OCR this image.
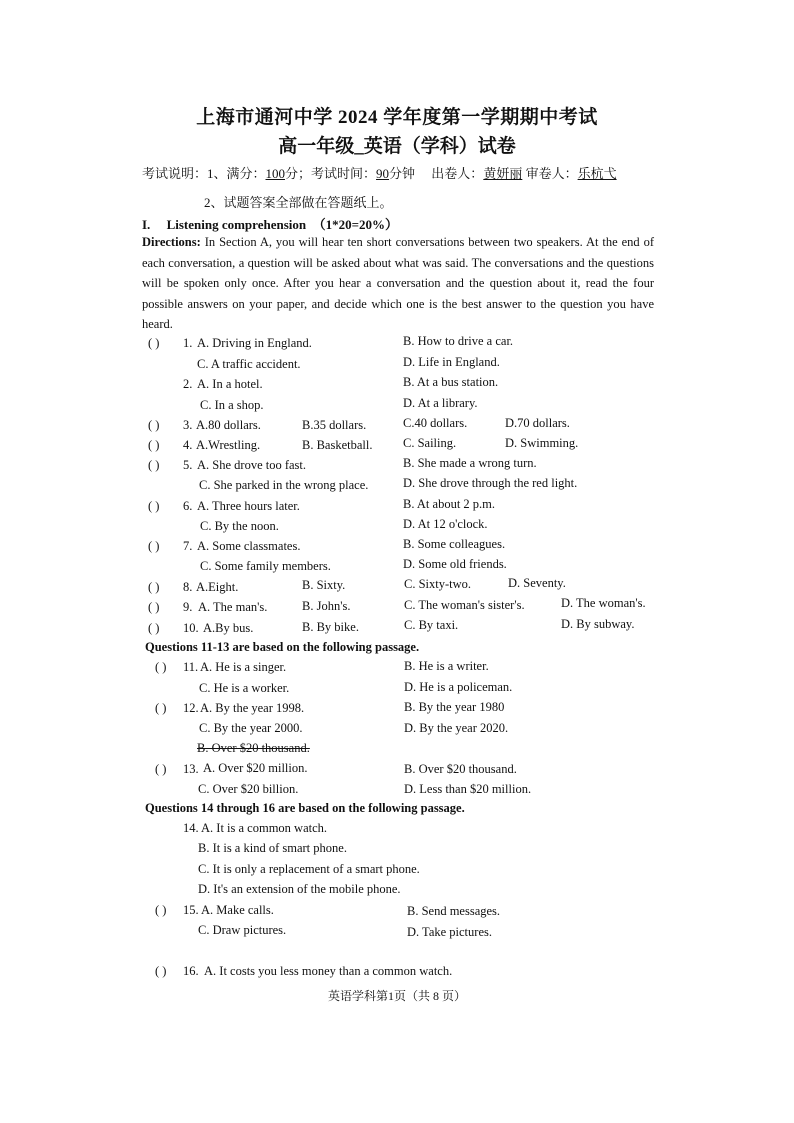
上海市通河中学 2024 学年度第一学期期中考试
高一年级_英语（学科）试卷
考试说明：1、满分：100分；考试时间：90分钟 出卷人：黄妍丽 审卷人：乐杭弋
2、试题答案全部做在答题纸上。
I. Listening comprehension （1*20=20%）
Directions: In Section A, you will hear ten short conversations between two speakers. At the end of each conversation, a question will be asked about what was said. The conversations and the questions will be spoken only once. After you hear a conversation and the question about it, read the four possible answers on your paper, and decide which one is the best answer to the question you have heard.
( ) 1. A. Driving in England.	B. How to drive a car.
C. A traffic accident.	D. Life in England.
2. A. In a hotel.	B. At a bus station.
C. In a shop.	D. At a library.
( ) 3. A.80 dollars.	B.35 dollars.	C.40 dollars.	D.70 dollars.
( ) 4. A.Wrestling.	B. Basketball. C. Sailing.	D. Swimming.
( ) 5. A. She drove too fast.	B. She made a wrong turn.
C. She parked in the wrong place.	D. She drove through the red light.
( ) 6. A. Three hours later.	B. At about 2 p.m.
C. By the noon.	D. At 12 o'clock.
( ) 7. A. Some classmates.	B. Some colleagues.
C. Some family members.	D. Some old friends.
( ) 8. A.Eight.	B. Sixty.	C. Sixty-two.	D. Seventy.
( ) 9. A. The man's.	B. John's.	C. The woman's sister's.	D. The woman's.
( ) 10. A.By bus.	B. By bike.	C. By taxi.	D. By subway.
Questions 11-13 are based on the following passage.
( ) 11. A. He is a singer.	B. He is a writer.
C. He is a worker.	D. He is a policeman.
( ) 12. A. By the year 1998.	B. By the year 1980
C. By the year 2000.	D. By the year 2020.
B. Over $20 thousand.
( ) 13. A. Over $20 million.	B. Over $20 thousand.
C. Over $20 billion.	D. Less than $20 million.
Questions 14 through 16 are based on the following passage.
14. A. It is a common watch.
B. It is a kind of smart phone.
C. It is only a replacement of a smart phone.
D. It's an extension of the mobile phone.
( ) 15. A. Make calls.	B. Send messages.
C. Draw pictures.	D. Take pictures.
( ) 16. A. It costs you less money than a common watch.
英语学科第1页（共 8 页）
